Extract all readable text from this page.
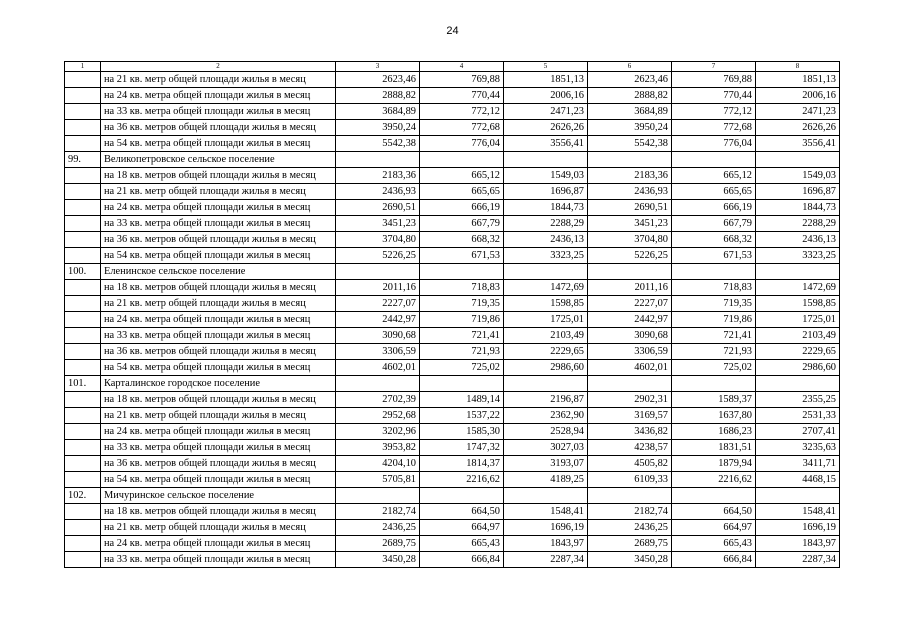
24
1	2	3	4	5	6	7	8
	на 21 кв. метр общей площади жилья в месяц	2623,46	769,88	1851,13	2623,46	769,88	1851,13
	на 24 кв. метра общей площади жилья в месяц	2888,82	770,44	2006,16	2888,82	770,44	2006,16
	на 33 кв. метра общей площади жилья в месяц	3684,89	772,12	2471,23	3684,89	772,12	2471,23
	на 36 кв. метров общей площади жилья в месяц	3950,24	772,68	2626,26	3950,24	772,68	2626,26
	на 54 кв. метра общей площади жилья в месяц	5542,38	776,04	3556,41	5542,38	776,04	3556,41
99.	Великопетровское сельское поселение						
	на 18 кв. метров общей площади жилья в месяц	2183,36	665,12	1549,03	2183,36	665,12	1549,03
	на 21 кв. метр общей площади жилья в месяц	2436,93	665,65	1696,87	2436,93	665,65	1696,87
	на 24 кв. метра общей площади жилья в месяц	2690,51	666,19	1844,73	2690,51	666,19	1844,73
	на 33 кв. метра общей площади жилья в месяц	3451,23	667,79	2288,29	3451,23	667,79	2288,29
	на 36 кв. метров общей площади жилья в месяц	3704,80	668,32	2436,13	3704,80	668,32	2436,13
	на 54 кв. метра общей площади жилья в месяц	5226,25	671,53	3323,25	5226,25	671,53	3323,25
100.	Еленинское сельское поселение						
	на 18 кв. метров общей площади жилья в месяц	2011,16	718,83	1472,69	2011,16	718,83	1472,69
	на 21 кв. метр общей площади жилья в месяц	2227,07	719,35	1598,85	2227,07	719,35	1598,85
	на 24 кв. метра общей площади жилья в месяц	2442,97	719,86	1725,01	2442,97	719,86	1725,01
	на 33 кв. метра общей площади жилья в месяц	3090,68	721,41	2103,49	3090,68	721,41	2103,49
	на 36 кв. метров общей площади жилья в месяц	3306,59	721,93	2229,65	3306,59	721,93	2229,65
	на 54 кв. метра общей площади жилья в месяц	4602,01	725,02	2986,60	4602,01	725,02	2986,60
101.	Карталинское городское поселение						
	на 18 кв. метров общей площади жилья в месяц	2702,39	1489,14	2196,87	2902,31	1589,37	2355,25
	на 21 кв. метр общей площади жилья в месяц	2952,68	1537,22	2362,90	3169,57	1637,80	2531,33
	на 24 кв. метра общей площади жилья в месяц	3202,96	1585,30	2528,94	3436,82	1686,23	2707,41
	на 33 кв. метра общей площади жилья в месяц	3953,82	1747,32	3027,03	4238,57	1831,51	3235,63
	на 36 кв. метров общей площади жилья в месяц	4204,10	1814,37	3193,07	4505,82	1879,94	3411,71
	на 54 кв. метра общей площади жилья в месяц	5705,81	2216,62	4189,25	6109,33	2216,62	4468,15
102.	Мичуринское сельское поселение						
	на 18 кв. метров общей площади жилья в месяц	2182,74	664,50	1548,41	2182,74	664,50	1548,41
	на 21 кв. метр общей площади жилья в месяц	2436,25	664,97	1696,19	2436,25	664,97	1696,19
	на 24 кв. метра общей площади жилья в месяц	2689,75	665,43	1843,97	2689,75	665,43	1843,97
	на 33 кв. метра общей площади жилья в месяц	3450,28	666,84	2287,34	3450,28	666,84	2287,34
